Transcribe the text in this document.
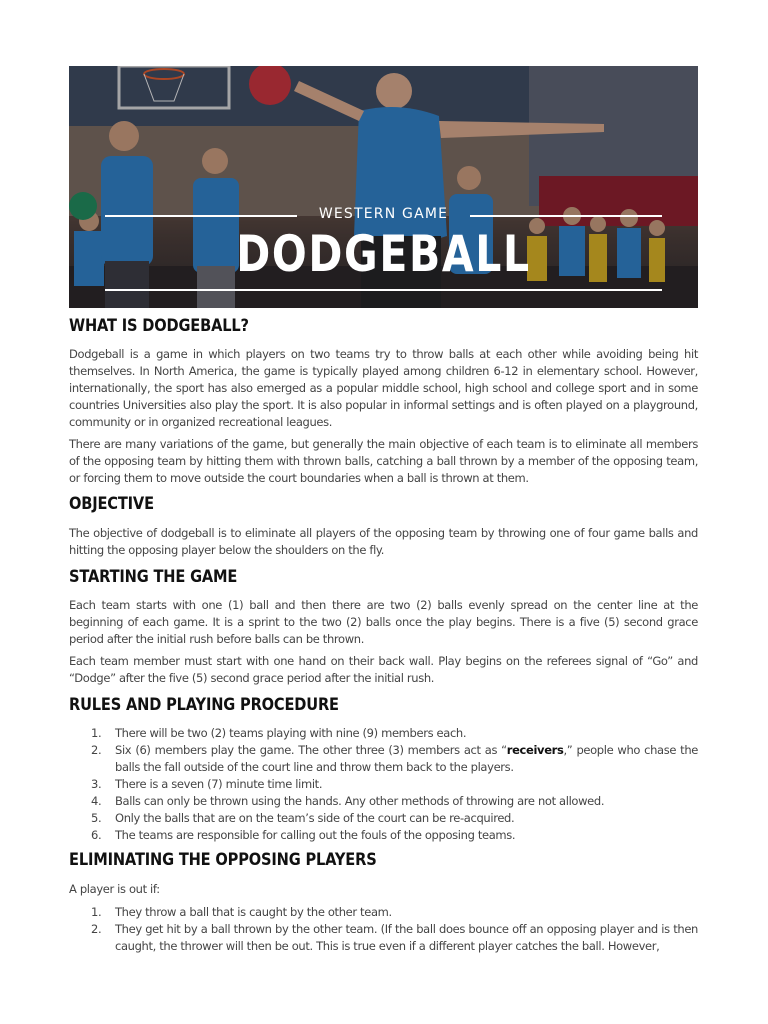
WESTERN GAME
DODGEBALL
WHAT IS DODGEBALL?

Dodgeball is a game in which players on two teams try to throw balls at each other while avoiding being hit themselves. In North America, the game is typically played among children 6-12 in elementary school. However, internationally, the sport has also emerged as a popular middle school, high school and college sport and in some countries Universities also play the sport. It is also popular in informal settings and is often played on a playground, community or in organized recreational leagues.

There are many variations of the game, but generally the main objective of each team is to eliminate all members of the opposing team by hitting them with thrown balls, catching a ball thrown by a member of the opposing team, or forcing them to move outside the court boundaries when a ball is thrown at them.

OBJECTIVE

The objective of dodgeball is to eliminate all players of the opposing team by throwing one of four game balls and hitting the opposing player below the shoulders on the fly.

STARTING THE GAME

Each team starts with one (1) ball and then there are two (2) balls evenly spread on the center line at the beginning of each game. It is a sprint to the two (2) balls once the play begins. There is a five (5) second grace period after the initial rush before balls can be thrown.

Each team member must start with one hand on their back wall. Play begins on the referees signal of “Go” and “Dodge” after the five (5) second grace period after the initial rush.

RULES AND PLAYING PROCEDURE
1. There will be two (2) teams playing with nine (9) members each.
2. Six (6) members play the game. The other three (3) members act as “receivers,” people who chase the balls the fall outside of the court line and throw them back to the players.
3. There is a seven (7) minute time limit.
4. Balls can only be thrown using the hands. Any other methods of throwing are not allowed.
5. Only the balls that are on the team’s side of the court can be re-acquired.
6. The teams are responsible for calling out the fouls of the opposing teams.
ELIMINATING THE OPPOSING PLAYERS

A player is out if:

1. They throw a ball that is caught by the other team.
2. They get hit by a ball thrown by the other team. (If the ball does bounce off an opposing player and is then caught, the thrower will then be out. This is true even if a different player catches the ball. However,
